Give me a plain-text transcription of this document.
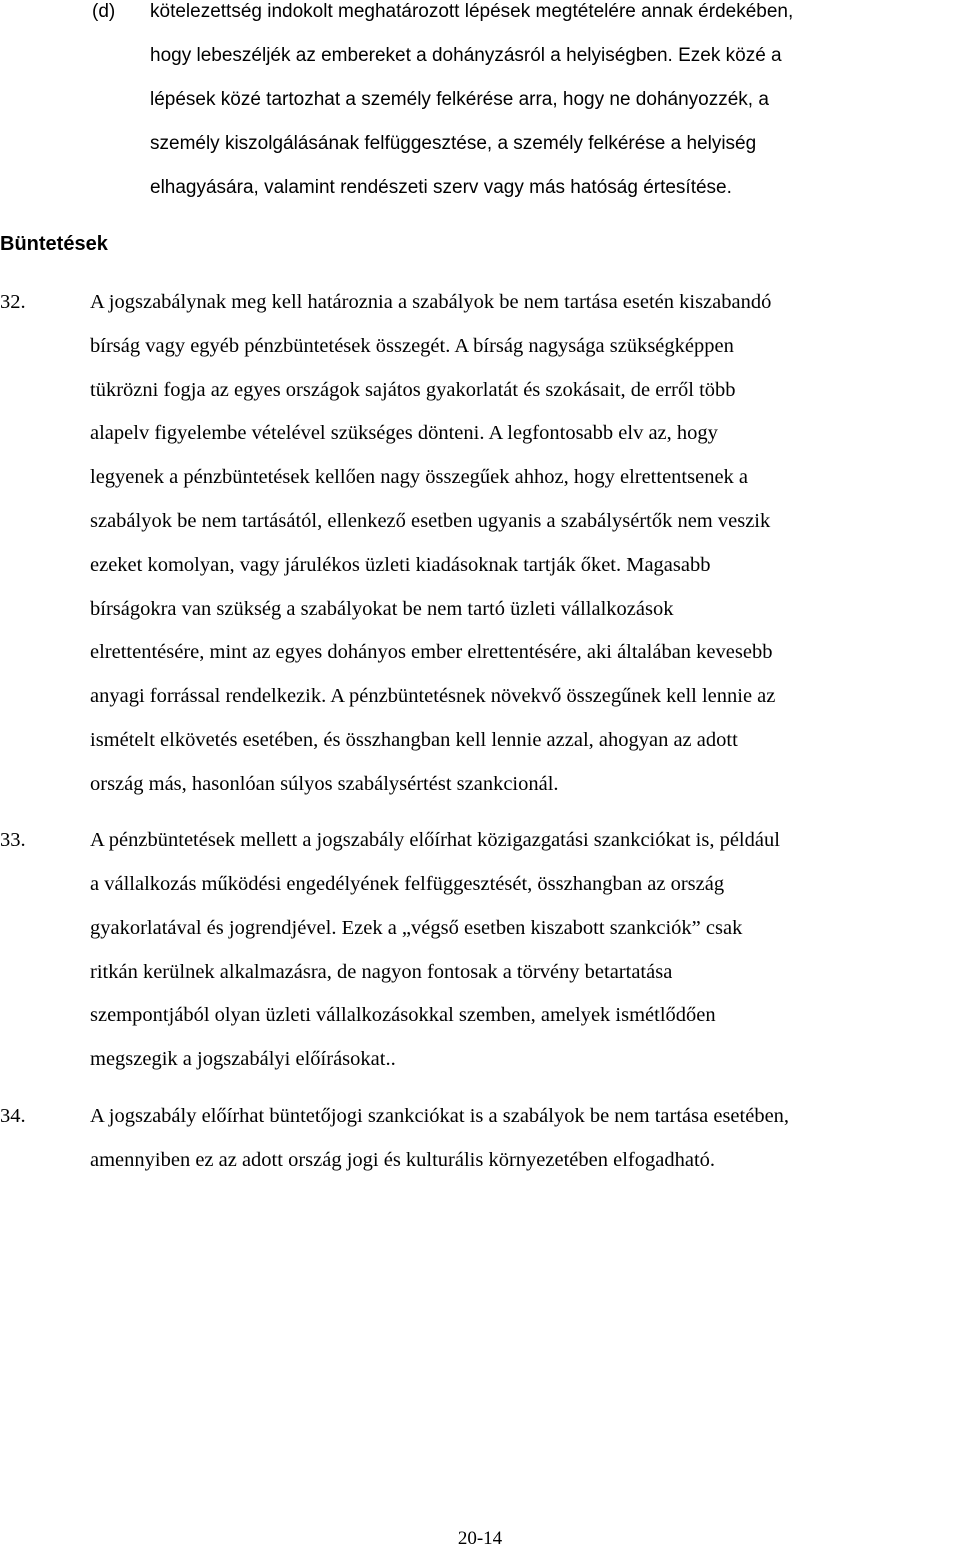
(d) kötelezettség indokolt meghatározott lépések megtételére annak érdekében,
hogy lebeszéljék az embereket a dohányzásról a helyiségben. Ezek közé a
lépések közé tartozhat a személy felkérése arra, hogy ne dohányozzék, a
személy kiszolgálásának felfüggesztése, a személy felkérése a helyiség
elhagyására, valamint rendészeti szerv vagy más hatóság értesítése.
Büntetések
32.	A jogszabálynak meg kell határoznia a szabályok be nem tartása esetén kiszabandó
bírság vagy egyéb pénzbüntetések összegét. A bírság nagysága szükségképpen
tükrözni fogja az egyes országok sajátos gyakorlatát és szokásait, de erről több
alapelv figyelembe vételével szükséges dönteni. A legfontosabb elv az, hogy
legyenek a pénzbüntetések kellően nagy összegűek ahhoz, hogy elrettentsenek a
szabályok be nem tartásától, ellenkező esetben ugyanis a szabálysértők nem veszik
ezeket komolyan, vagy járulékos üzleti kiadásoknak tartják őket. Magasabb
bírságokra van szükség a szabályokat be nem tartó üzleti vállalkozások
elrettentésére, mint az egyes dohányos ember elrettentésére, aki általában kevesebb
anyagi forrással rendelkezik. A pénzbüntetésnek növekvő összegűnek kell lennie az
ismételt elkövetés esetében, és összhangban kell lennie azzal, ahogyan az adott
ország más, hasonlóan súlyos szabálysértést szankcionál.
33.	A pénzbüntetések mellett a jogszabály előírhat közigazgatási szankciókat is, például
a vállalkozás működési engedélyének felfüggesztését, összhangban az ország
gyakorlatával és jogrendjével. Ezek a „végső esetben kiszabott szankciók” csak
ritkán kerülnek alkalmazásra, de nagyon fontosak a törvény betartatása
szempontjából olyan üzleti vállalkozásokkal szemben, amelyek ismétlődően
megszegik a jogszabályi előírásokat..
34.	A jogszabály előírhat büntetőjogi szankciókat is a szabályok be nem tartása esetében,
amennyiben ez az adott ország jogi és kulturális környezetében elfogadható.
20-14
